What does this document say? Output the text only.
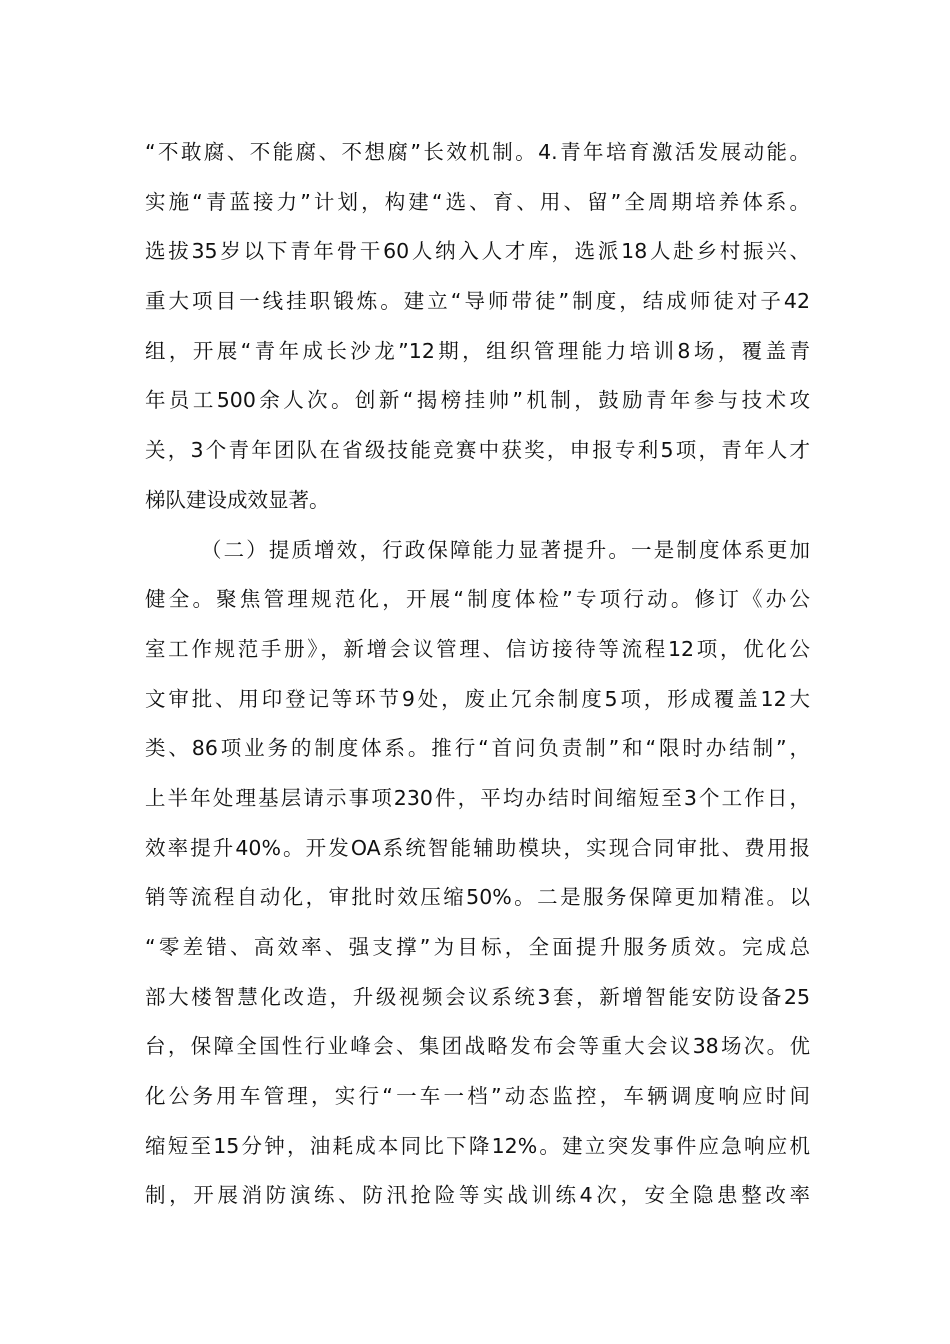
“不敢腐、不能腐、不想腐”长效机制。4.青年培育激活发展动能。
实施“青蓝接力”计划，构建“选、育、用、留”全周期培养体系。
选拔35岁以下青年骨干60人纳入人才库，选派18人赴乡村振兴、
重大项目一线挂职锻炼。建立“导师带徒”制度，结成师徒对子42
组，开展“青年成长沙龙”12期，组织管理能力培训8场，覆盖青
年员工500余人次。创新“揭榜挂帅”机制，鼓励青年参与技术攻
关，3个青年团队在省级技能竞赛中获奖，申报专利5项，青年人才
梯队建设成效显著。
（二）提质增效，行政保障能力显著提升。一是制度体系更加
健全。聚焦管理规范化，开展“制度体检”专项行动。修订《办公
室工作规范手册》，新增会议管理、信访接待等流程12项，优化公
文审批、用印登记等环节9处，废止冗余制度5项，形成覆盖12大
类、86项业务的制度体系。推行“首问负责制”和“限时办结制”，
上半年处理基层请示事项230件，平均办结时间缩短至3个工作日，
效率提升40%。开发OA系统智能辅助模块，实现合同审批、费用报
销等流程自动化，审批时效压缩50%。二是服务保障更加精准。以
“零差错、高效率、强支撑”为目标，全面提升服务质效。完成总
部大楼智慧化改造，升级视频会议系统3套，新增智能安防设备25
台，保障全国性行业峰会、集团战略发布会等重大会议38场次。优
化公务用车管理，实行“一车一档”动态监控，车辆调度响应时间
缩短至15分钟，油耗成本同比下降12%。建立突发事件应急响应机
制，开展消防演练、防汛抢险等实战训练4次，安全隐患整改率
